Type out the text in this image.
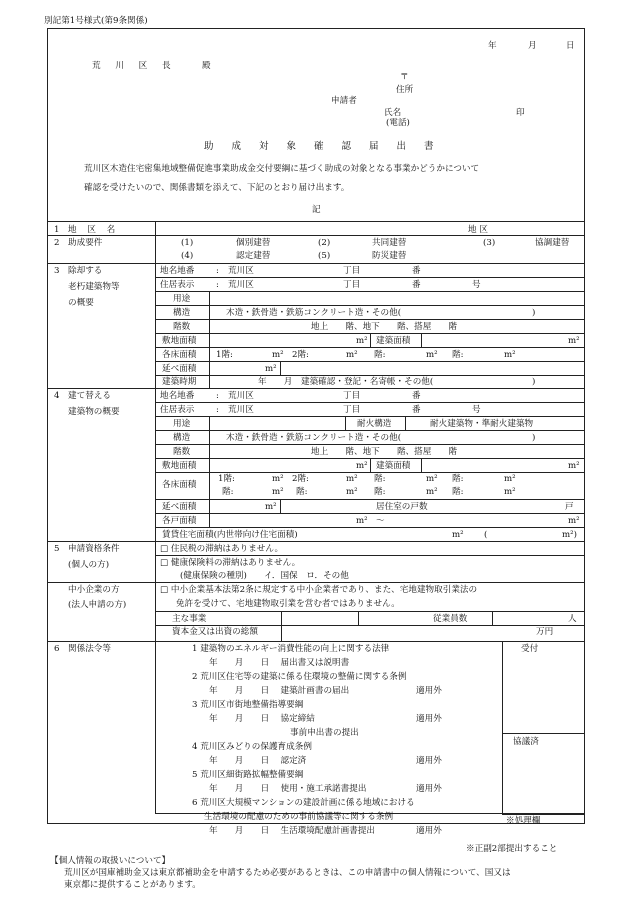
別記第1号様式(第9条関係)
年	月	日
荒 川 区 長	殿
〒
住所
申請者
氏名	印
(電話)
助成対象確認届出書
荒川区木造住宅密集地域整備促進事業助成金交付要綱に基づく助成の対象となる事業かどうかについて
確認を受けたいので、関係書類を添えて、下記のとおり届け出ます。
記
1 地 区 名	地 区
2 助成要件	(1)	個別建替	(2)	共同建替	(3)	協調建替
(4)	認定建替	(5)	防災建替
3 除却する
老朽建築物等
の概要
地名地番	: 荒川区	丁目	番
住居表示	: 荒川区	丁目	番	号
用途
構造	木造・鉄骨造・鉄筋コンクリート造・その他(	)
階数	地上　　階、地下　　階、搭屋　　階
敷地面積	m² 建築面積	m²
各床面積 1階:	m² 2階:	m² 階:	m² 階:	m²
延べ面積	m²
建築時期	年　　月　建築確認・登記・名寄帳・その他(	)
4 建て替える
建築物の概要
地名地番	: 荒川区	丁目	番
住居表示	: 荒川区	丁目	番	号
用途	耐火構造	耐火建築物・準耐火建築物
構造	木造・鉄骨造・鉄筋コンクリート造・その他(	)
階数	地上　　階、地下　　階、搭屋　　階
敷地面積	m² 建築面積	m²
各床面積
1階:	m² 2階:	m² 階:	m² 階:	m²
階:	m² 階:	m² 階:	m² 階:	m²
延べ面積	m²	居住室の戸数	戸
各戸面積	m² 〜	m²
賃貸住宅面積(内世帯向け住宅面積)	m² (	m²)
5 申請資格条件
(個人の方)
□ 住民税の滞納はありません。
□ 健康保険料の滞納はありません。
(健康保険の種別)　　イ．国保　ロ．その他
中小企業の方
(法人申請の方)
□ 中小企業基本法第2条に規定する中小企業者であり、また、宅地建物取引業法の
免許を受けて、宅地建物取引業を営む者ではありません。
主な事業	従業員数	人
資本金又は出資の総額	万円
6 関係法令等	受付
協議済
※処理欄
1 建築物のエネルギー消費性能の向上に関する法律
年　　月　　日　 届出書又は説明書
2 荒川区住宅等の建築に係る住環境の整備に関する条例
年　　月　　日　 建築計画書の届出	適用外
3 荒川区市街地整備指導要綱
年　　月　　日　 協定締結	適用外
事前申出書の提出
4 荒川区みどりの保護育成条例
年　　月　　日　 認定済	適用外
5 荒川区細街路拡幅整備要綱
年　　月　　日　 使用・施工承諾書提出	適用外
6 荒川区大規模マンションの建設計画に係る地域における
生活環境の配慮のための事前協議等に関する条例
年　　月　　日　 生活環境配慮計画書提出	適用外
※正副2部提出すること
【個人情報の取扱いについて】
荒川区が国庫補助金又は東京都補助金を申請するため必要があるときは、この申請書中の個人情報について、国又は
東京都に提供することがあります。
